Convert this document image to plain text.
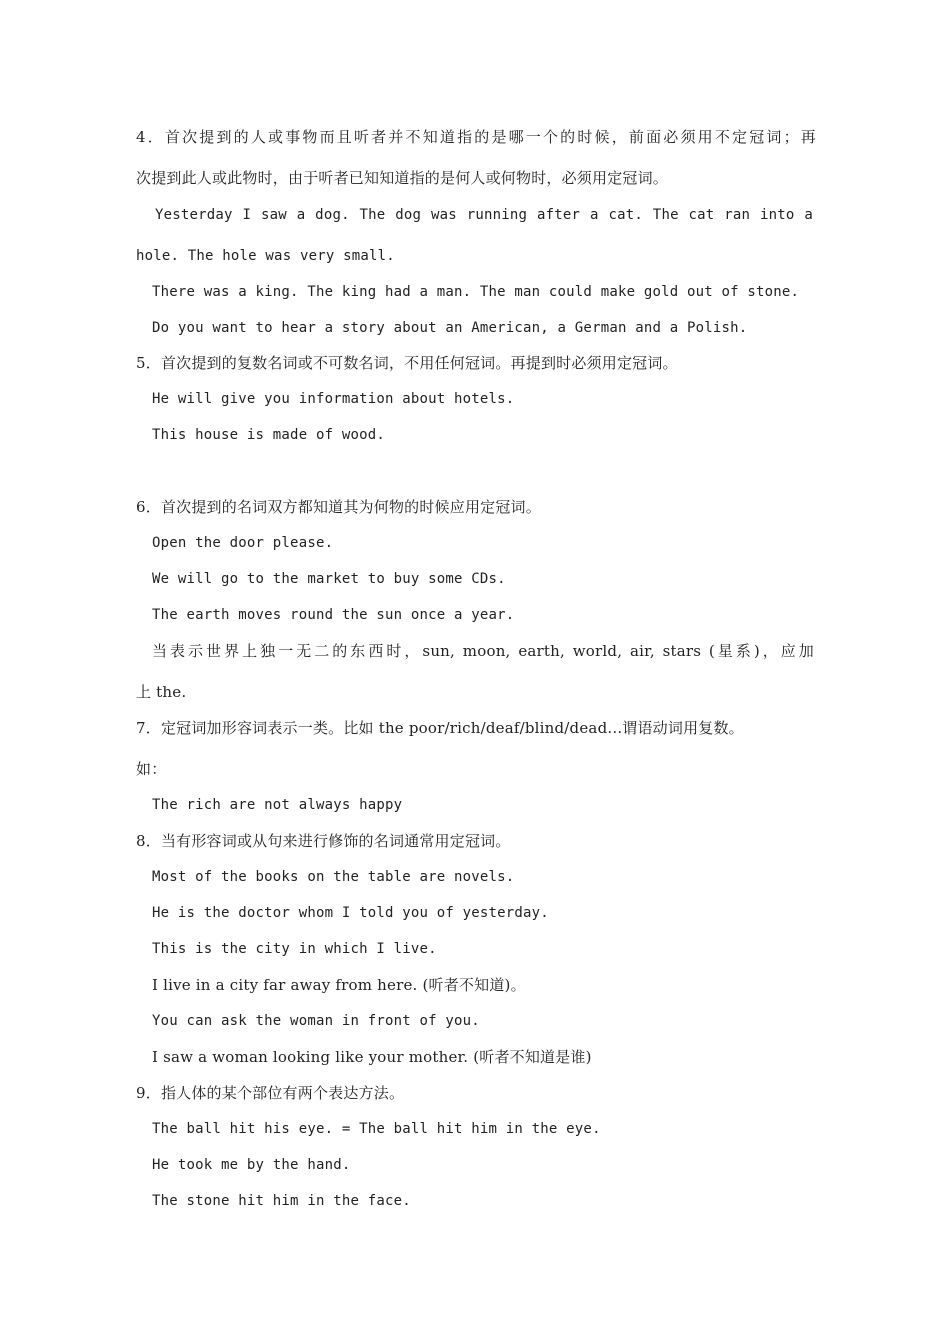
4．首次提到的人或事物而且听者并不知道指的是哪一个的时候，前面必须用不定冠词；再
次提到此人或此物时，由于听者已知知道指的是何人或何物时，必须用定冠词。
Yesterday I saw a dog. The dog was running after a cat. The cat ran into a
hole. The hole was very small.
There was a king. The king had a man. The man could make gold out of stone.
Do you want to hear a story about an American, a German and a Polish.
5．首次提到的复数名词或不可数名词，不用任何冠词。再提到时必须用定冠词。
He will give you information about hotels.
This house is made of wood.
6．首次提到的名词双方都知道其为何物的时候应用定冠词。
Open the door please.
We will go to the market to buy some CDs.
The earth moves round the sun once a year.
当表示世界上独一无二的东西时，sun, moon, earth, world, air, stars (星系)，应加
上 the.
7．定冠词加形容词表示一类。比如 the poor/rich/deaf/blind/dead...谓语动词用复数。
如：
The rich are not always happy
8．当有形容词或从句来进行修饰的名词通常用定冠词。
Most of the books on the table are novels.
He is the doctor whom I told you of yesterday.
This is the city in which I live.
I live in a city far away from here. (听者不知道)。
You can ask the woman in front of you.
I saw a woman looking like your mother. (听者不知道是谁)
9．指人体的某个部位有两个表达方法。
The ball hit his eye. = The ball hit him in the eye.
He took me by the hand.
The stone hit him in the face.
